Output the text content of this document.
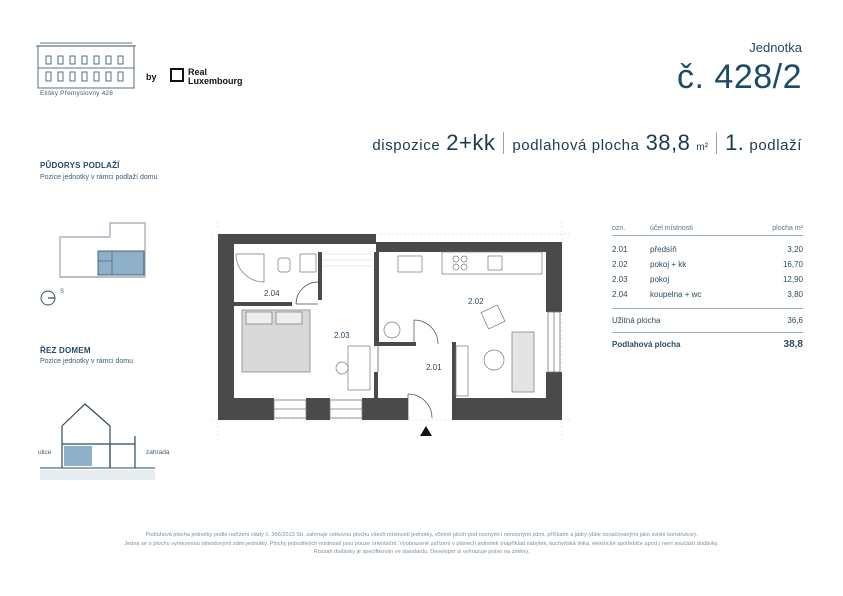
Elišky Přemyslovny 428
by	Real
Luxembourg
Jednotka
č. 428/2
dispozice 2+kk podlahová plocha 38,8 m² 1. podlaží
PŮDORYS PODLAŽÍ
Pozice jednotky v rámci podlaží domu
S
ŘEZ DOMEM
Pozice jednotky v rámci domu
ulice	zahrada
2.04
2.03
2.02
2.01
ozn.	účel místnosti	plocha m²
2.01	předsíň	3,20
2.02	pokoj + kk	16,70
2.03	pokoj	12,90
2.04	koupelna + wc	3,80
Užitná plocha	36,6
Podlahová plocha	38,8
Podlahová plocha jednotky podle nařízení vlády č. 366/2013 Sb. zahrnuje celkovou plochu všech místností jednotky, včetně ploch pod nosnými i nenosnými zdmi, příčkami a jádry (dále označovanými jako svislé konstrukce).
Jedná se o plochu vymezenou obvodovými zdmi jednotky. Plochy jednotlivých místností jsou pouze orientační. Vyobrazené zařízení v plánech jednotek (například nábytek, kuchyňská linka, elektrické spotřebiče apod.) není součástí dodávky.
Rozsah dodávky je specifikován ve standardu. Developer si vyhrazuje právo na změny.
